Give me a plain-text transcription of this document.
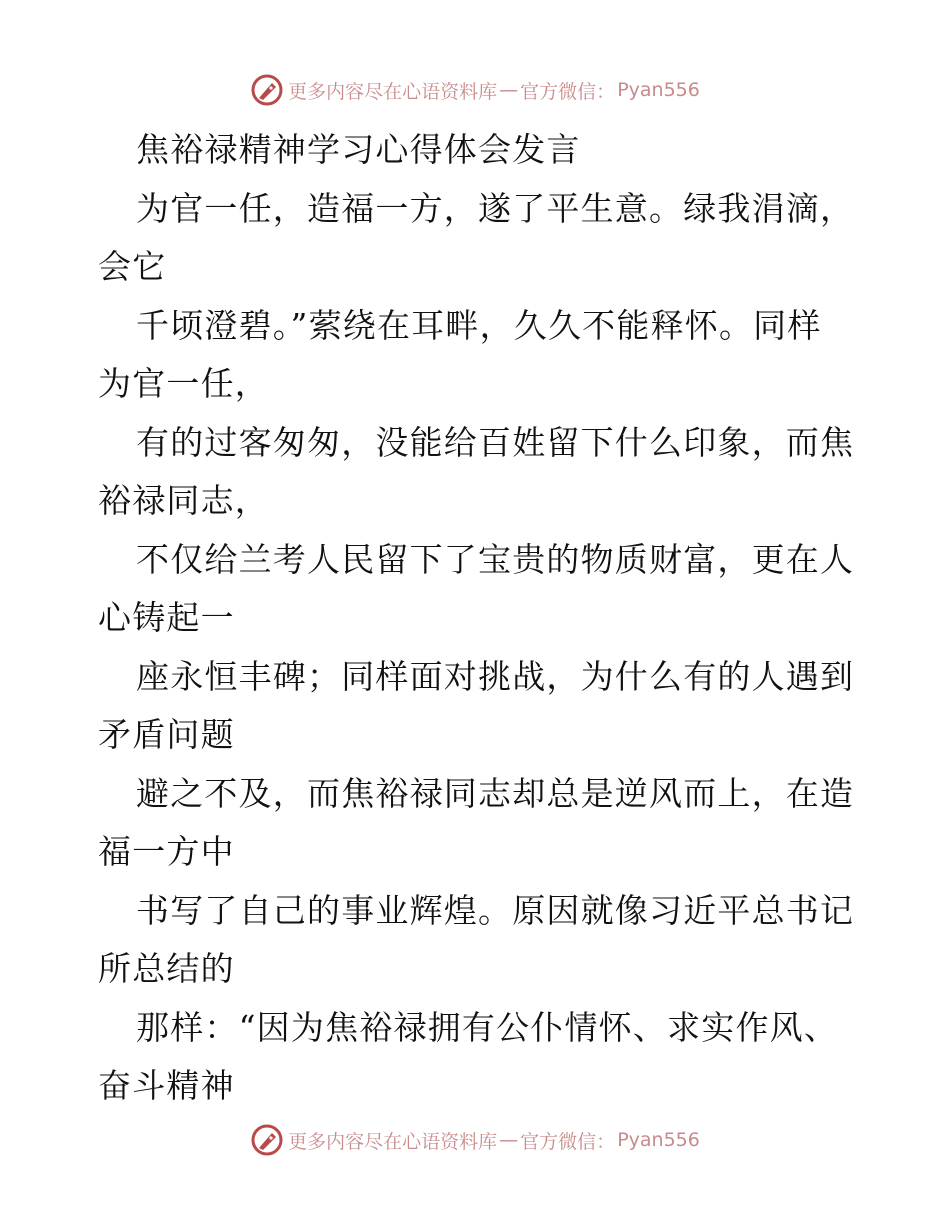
更多内容尽在心语资料库 — 官方微信： Pyan556
焦裕禄精神学习心得体会发言
为官一任，造福一方，遂了平生意。绿我涓滴，
会它
千顷澄碧。”萦绕在耳畔，久久不能释怀。同样
为官一任，
有的过客匆匆，没能给百姓留下什么印象，而焦
裕禄同志，
不仅给兰考人民留下了宝贵的物质财富，更在人
心铸起一
座永恒丰碑；同样面对挑战，为什么有的人遇到
矛盾问题
避之不及，而焦裕禄同志却总是逆风而上，在造
福一方中
书写了自己的事业辉煌。原因就像习近平总书记
所总结的
那样：“因为焦裕禄拥有公仆情怀、求实作风、
奋斗精神
更多内容尽在心语资料库 — 官方微信： Pyan556
